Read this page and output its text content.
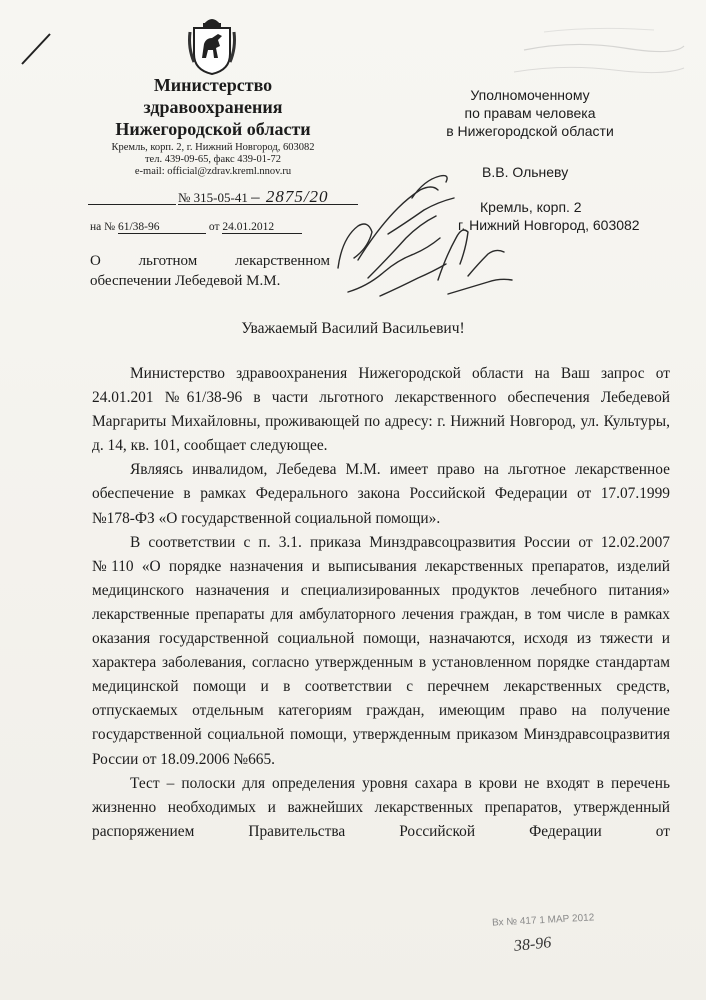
Министерство
здравоохранения
Нижегородской области
Кремль, корп. 2, г. Нижний Новгород, 603082
тел. 439-09-65, факс 439-01-72
e-mail: official@zdrav.kreml.nnov.ru
№ 315-05-41 – 2875/20
на № 61/38-96	от 24.01.2012
Уполномоченному
по правам человека
в Нижегородской области
В.В. Ольневу
Кремль, корп. 2
г. Нижний Новгород, 603082
О льготном лекарственном обеспечении Лебедевой М.М.
Уважаемый Василий Васильевич!

Министерство здравоохранения Нижегородской области на Ваш запрос от 24.01.201 №61/38-96 в части льготного лекарственного обеспечения Лебедевой Маргариты Михайловны, проживающей по адресу: г. Нижний Новгород, ул. Культуры, д. 14, кв. 101, сообщает следующее.

Являясь инвалидом, Лебедева М.М. имеет право на льготное лекарственное обеспечение в рамках Федерального закона Российской Федерации от 17.07.1999 №178-ФЗ «О государственной социальной помощи».

В соответствии с п. 3.1. приказа Минздравсоцразвития России от 12.02.2007 №110 «О порядке назначения и выписывания лекарственных препаратов, изделий медицинского назначения и специализированных продуктов лечебного питания» лекарственные препараты для амбулаторного лечения граждан, в том числе в рамках оказания государственной социальной помощи, назначаются, исходя из тяжести и характера заболевания, согласно утвержденным в установленном порядке стандартам медицинской помощи и в соответствии с перечнем лекарственных средств, отпускаемых отдельным категориям граждан, имеющим право на получение государственной социальной помощи, утвержденным приказом Минздравсоцразвития России от 18.09.2006 №665.

Тест – полоски для определения уровня сахара в крови не входят в перечень жизненно необходимых и важнейших лекарственных препаратов, утвержденный распоряжением Правительства Российской Федерации от

Вх № 417 1 МАР 2012
38-96
